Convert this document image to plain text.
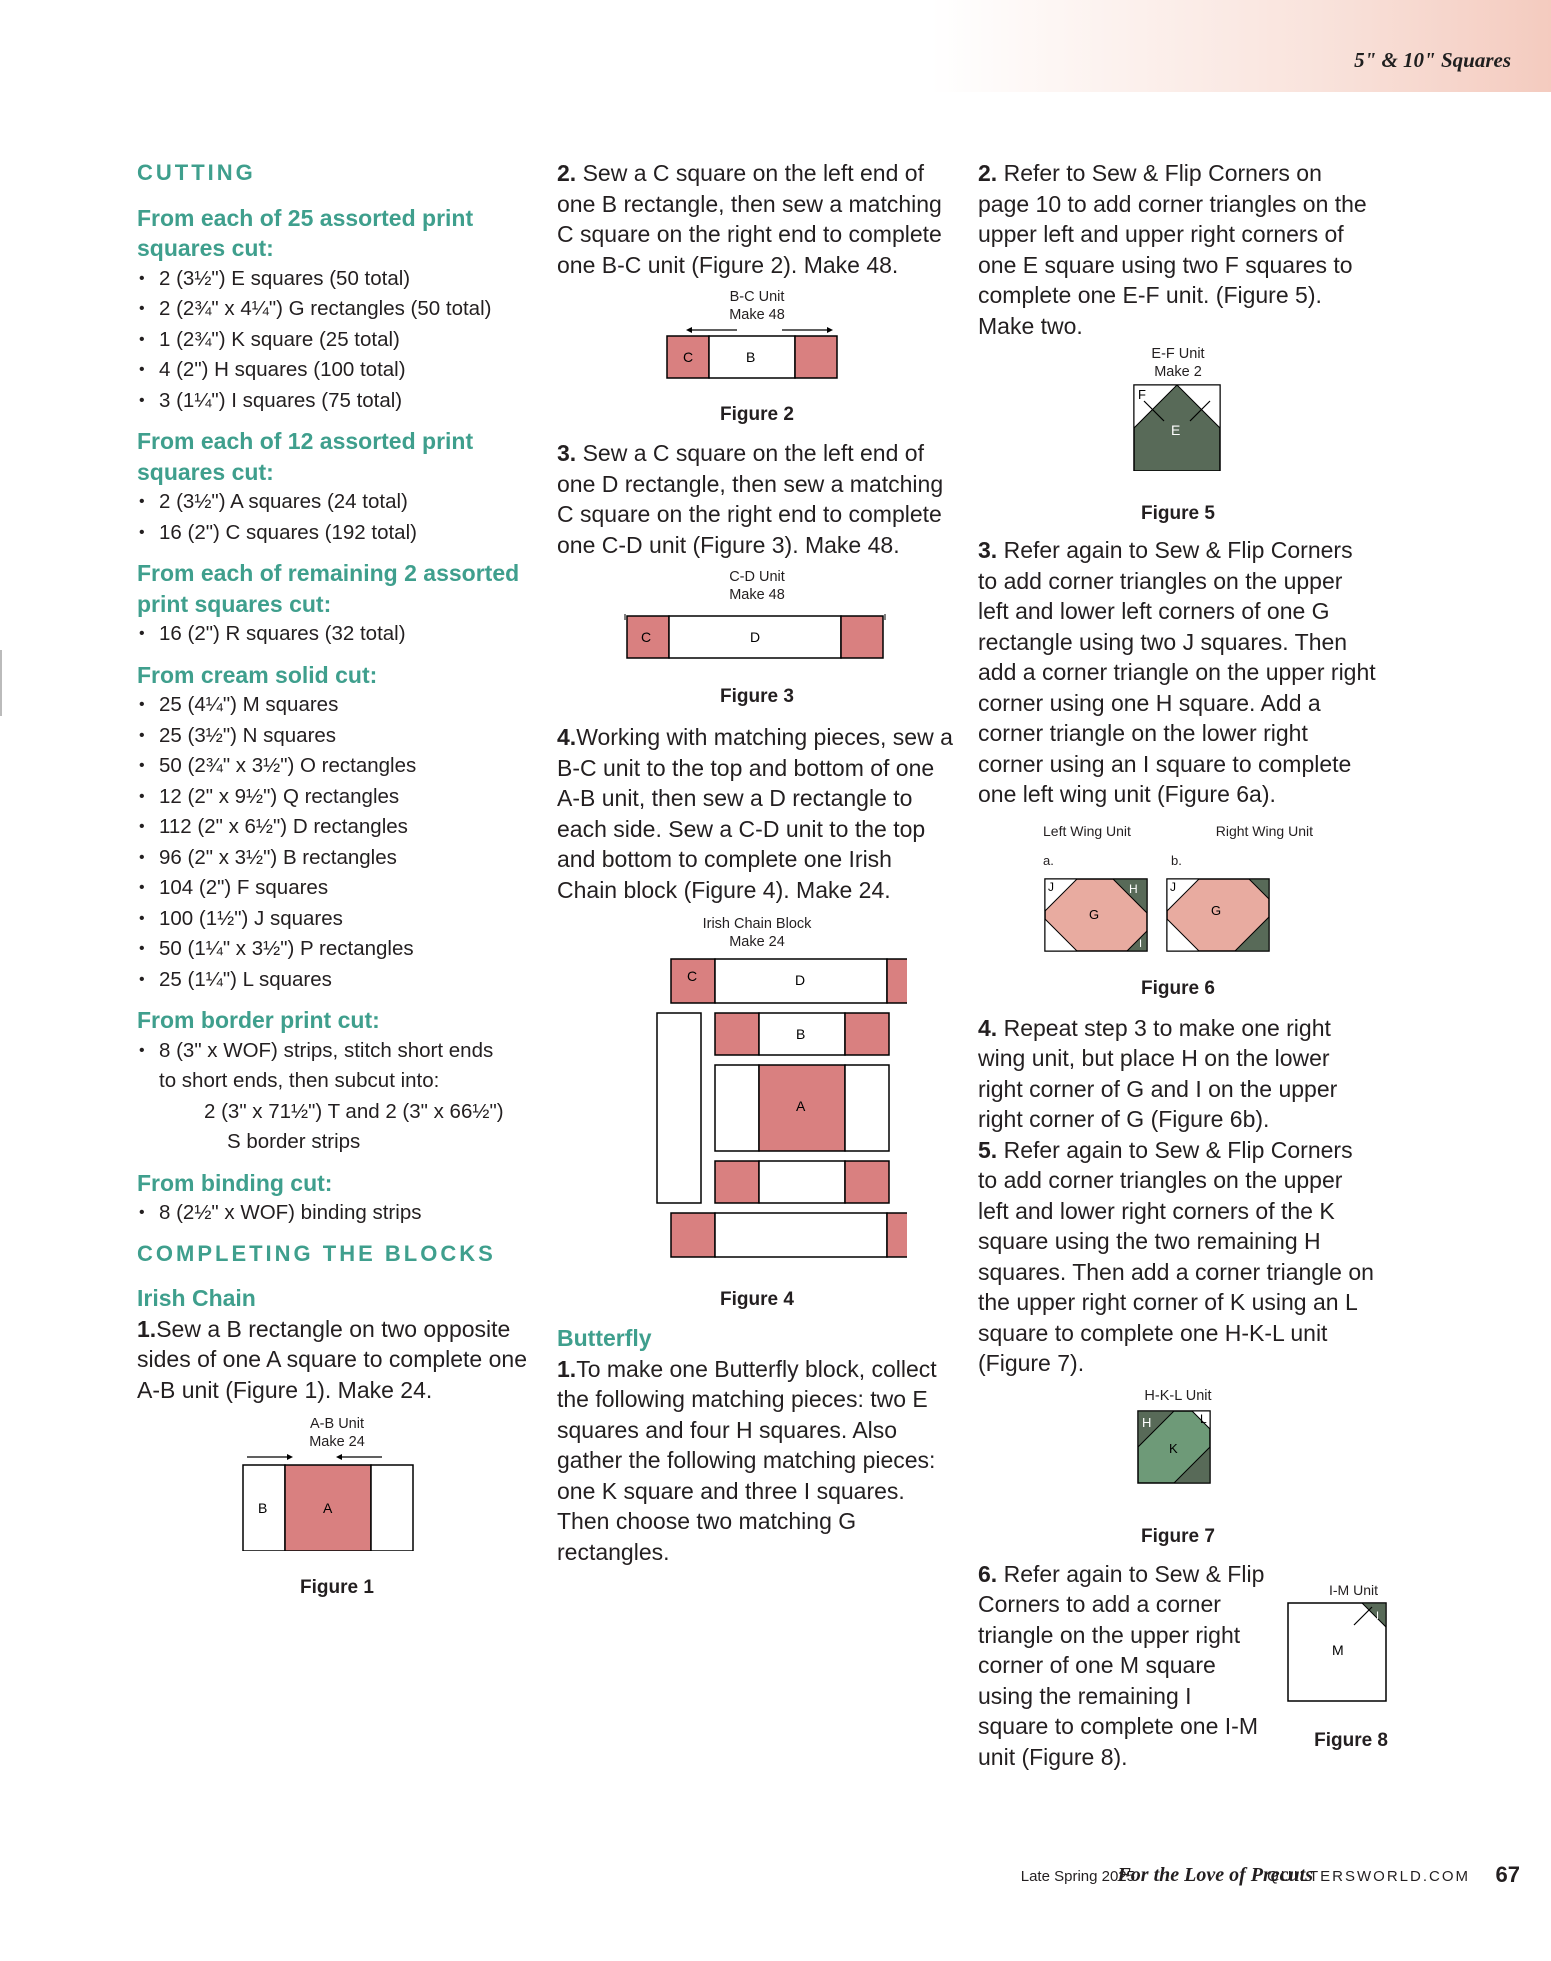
5" & 10" Squares
CUTTING
From each of 25 assorted print squares cut:
• 2 (3½") E squares (50 total)
• 2 (2¾" x 4¼") G rectangles (50 total)
• 1 (2¾") K square (25 total)
• 4 (2") H squares (100 total)
• 3 (1¼") I squares (75 total)
From each of 12 assorted print squares cut:
• 2 (3½") A squares (24 total)
• 16 (2") C squares (192 total)
From each of remaining 2 assorted print squares cut:
• 16 (2") R squares (32 total)
From cream solid cut:
• 25 (4¼") M squares
• 25 (3½") N squares
• 50 (2¾" x 3½") O rectangles
• 12 (2" x 9½") Q rectangles
• 112 (2" x 6½") D rectangles
• 96 (2" x 3½") B rectangles
• 104 (2") F squares
• 100 (1½") J squares
• 50 (1¼" x 3½") P rectangles
• 25 (1¼") L squares
From border print cut:
• 8 (3" x WOF) strips, stitch short ends
to short ends, then subcut into:
2 (3" x 71½") T and 2 (3" x 66½")
S border strips
From binding cut:
• 8 (2½" x WOF) binding strips
COMPLETING THE BLOCKS
Irish Chain

1.Sew a B rectangle on two opposite sides of one A square to complete one A-B unit (Figure 1). Make 24.

A-B Unit
Make 24
B	A
Figure 1

2. Sew a C square on the left end of one B rectangle, then sew a matching C square on the right end to complete one B-C unit (Figure 2). Make 48.

B-C Unit
Make 48
C	B
Figure 2

3. Sew a C square on the left end of one D rectangle, then sew a matching C square on the right end to complete one C-D unit (Figure 3). Make 48.

C-D Unit
Make 48
C	D
Figure 3

4.Working with matching pieces, sew a B-C unit to the top and bottom of one A-B unit, then sew a D rectangle to each side. Sew a C-D unit to the top and bottom to complete one Irish Chain block (Figure 4). Make 24.

Irish Chain Block
Make 24
C	D
B
A
Figure 4
Butterfly

1.To make one Butterfly block, collect the following matching pieces: two E squares and four H squares. Also gather the following matching pieces: one K square and three I squares. Then choose two matching G rectangles.

2. Refer to Sew & Flip Corners on page 10 to add corner triangles on the upper left and upper right corners of one E square using two F squares to complete one E-F unit. (Figure 5). Make two.

E-F Unit
Make 2
F
E
Figure 5

3. Refer again to Sew & Flip Corners to add corner triangles on the upper left and lower left corners of one G rectangle using two J squares. Then add a corner triangle on the upper right corner using one H square. Add a corner triangle on the lower right corner using an I square to complete one left wing unit (Figure 6a).

Left Wing Unit	Right Wing Unit
a.	b.
J	H
G
I
J
G
Figure 6

4. Repeat step 3 to make one right wing unit, but place H on the lower right corner of G and I on the upper right corner of G (Figure 6b).

5. Refer again to Sew & Flip Corners to add corner triangles on the upper left and lower right corners of the K square using the two remaining H squares. Then add a corner triangle on the upper right corner of K using an L square to complete one H-K-L unit (Figure 7).

H-K-L Unit
H	L
K
Figure 7

6. Refer again to Sew & Flip Corners to add a corner triangle on the upper right corner of one M square using the remaining I square to complete one I-M unit (Figure 8).

I-M Unit
M
I
Figure 8
Late Spring 2025
For the Love of Precuts
QUILTERSWORLD.COM 67
